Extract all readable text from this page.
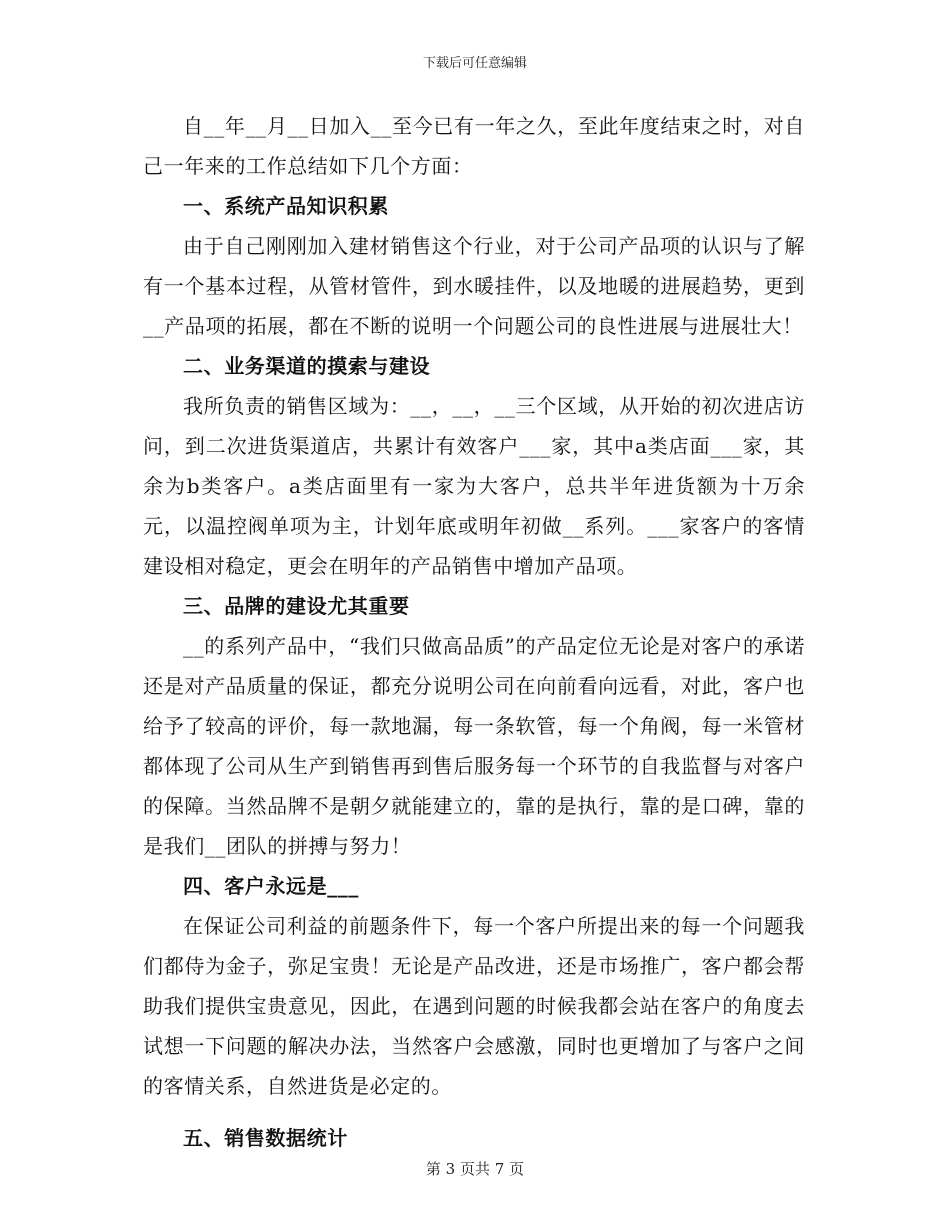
下载后可任意编辑

自__年__月__日加入__至今已有一年之久，至此年度结束之时，对自己一年来的工作总结如下几个方面：

一、系统产品知识积累

由于自己刚刚加入建材销售这个行业，对于公司产品项的认识与了解有一个基本过程，从管材管件，到水暖挂件，以及地暖的进展趋势，更到__产品项的拓展，都在不断的说明一个问题公司的良性进展与进展壮大！

二、业务渠道的摸索与建设

我所负责的销售区域为：__，__，__三个区域，从开始的初次进店访问，到二次进货渠道店，共累计有效客户___家，其中a类店面___家，其余为b类客户。a类店面里有一家为大客户，总共半年进货额为十万余元，以温控阀单项为主，计划年底或明年初做__系列。___家客户的客情建设相对稳定，更会在明年的产品销售中增加产品项。

三、品牌的建设尤其重要

__的系列产品中，“我们只做高品质”的产品定位无论是对客户的承诺还是对产品质量的保证，都充分说明公司在向前看向远看，对此，客户也给予了较高的评价，每一款地漏，每一条软管，每一个角阀，每一米管材都体现了公司从生产到销售再到售后服务每一个环节的自我监督与对客户的保障。当然品牌不是朝夕就能建立的，靠的是执行，靠的是口碑，靠的是我们__团队的拼搏与努力！

四、客户永远是___

在保证公司利益的前题条件下，每一个客户所提出来的每一个问题我们都侍为金子，弥足宝贵！无论是产品改进，还是市场推广，客户都会帮助我们提供宝贵意见，因此，在遇到问题的时候我都会站在客户的角度去试想一下问题的解决办法，当然客户会感激，同时也更增加了与客户之间的客情关系，自然进货是必定的。

五、销售数据统计

第 3 页共 7 页
